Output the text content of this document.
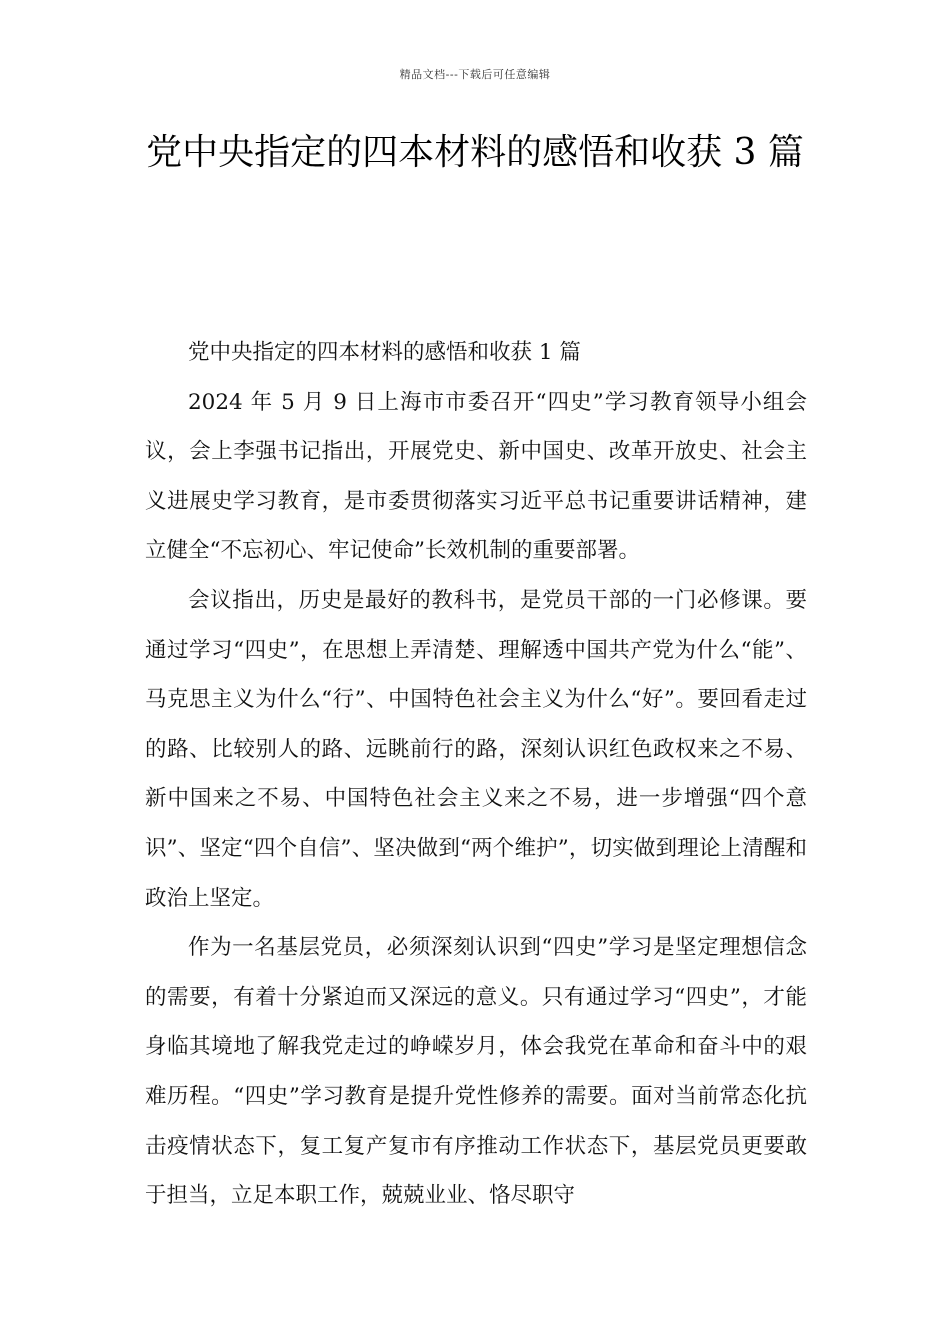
精品文档---下载后可任意编辑
党中央指定的四本材料的感悟和收获 3 篇

党中央指定的四本材料的感悟和收获 1 篇

2024 年 5 月 9 日上海市市委召开“四史”学习教育领导小组会议，会上李强书记指出，开展党史、新中国史、改革开放史、社会主义进展史学习教育，是市委贯彻落实习近平总书记重要讲话精神，建立健全“不忘初心、牢记使命”长效机制的重要部署。

会议指出，历史是最好的教科书，是党员干部的一门必修课。要通过学习“四史”，在思想上弄清楚、理解透中国共产党为什么“能”、马克思主义为什么“行”、中国特色社会主义为什么“好”。要回看走过的路、比较别人的路、远眺前行的路，深刻认识红色政权来之不易、新中国来之不易、中国特色社会主义来之不易，进一步增强“四个意识”、坚定“四个自信”、坚决做到“两个维护”，切实做到理论上清醒和政治上坚定。

作为一名基层党员，必须深刻认识到“四史”学习是坚定理想信念的需要，有着十分紧迫而又深远的意义。只有通过学习“四史”，才能身临其境地了解我党走过的峥嵘岁月，体会我党在革命和奋斗中的艰难历程。“四史”学习教育是提升党性修养的需要。面对当前常态化抗击疫情状态下，复工复产复市有序推动工作状态下，基层党员更要敢于担当，立足本职工作，兢兢业业、恪尽职守
